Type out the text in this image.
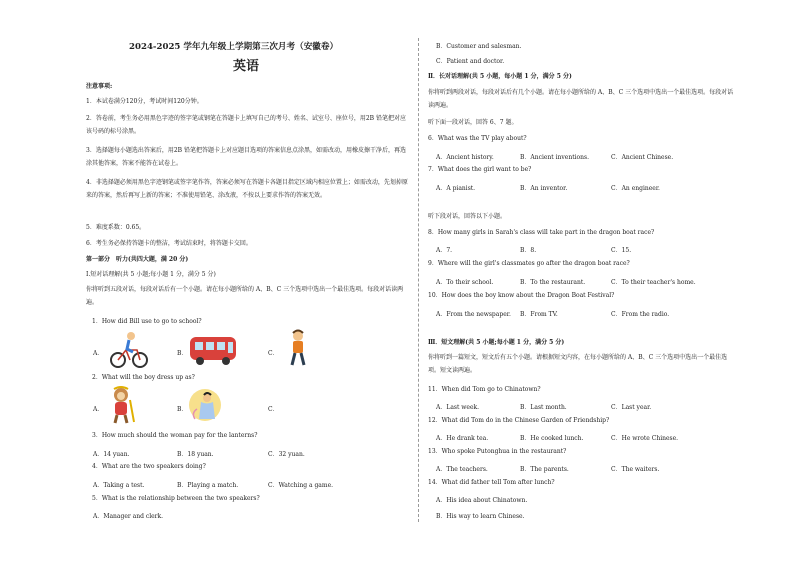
2024-2025 学年九年级上学期第三次月考（安徽卷）
英语
注意事项:
1．本试卷满分120分，考试时间120分钟。
2．答卷前，考生务必用黑色字迹的签字笔或钢笔在答题卡上填写自己的考号、姓名、试室号、座位号，用2B 铅笔把对应该号码的标号涂黑。
3．选择题每小题选出答案后，用2B 铅笔把答题卡上对应题目选项的答案信息点涂黑，如需改动，用橡皮擦干净后，再选涂其他答案，答案不能答在试卷上。
4．非选择题必须用黑色字迹钢笔或签字笔作答，答案必须写在答题卡各题目指定区域内相应位置上；如需改动，先划掉原来的答案，然后再写上新的答案；不准使用铅笔、涂改液，不按以上要求作答的答案无效。
5．难度系数：0.65。
6．考生务必保持答题卡的整洁，考试结束时，将答题卡交回。
第一部分　听力(共四大题，满 20 分)
Ⅰ.短对话理解(共 5 小题;每小题 1 分，满分 5 分)
你将听到五段对话，每段对话后有一个小题。请在每小题所给的 A、B、C 三个选项中选出一个最佳选项。每段对话读两遍。
1．How did Bill use to go to school?
A．	B．	C．
2．What will the boy dress up as?
A．	B．	C．
3．How much should the woman pay for the lanterns?
A．14 yuan.	B．18 yuan.	C．32 yuan.
4．What are the two speakers doing?
A．Taking a test.	B．Playing a match.	C．Watching a game.
5．What is the relationship between the two speakers?
A．Manager and clerk.
B．Customer and salesman.
C．Patient and doctor.
Ⅱ．长对话理解(共 5 小题，每小题 1 分，满分 5 分)
你将听到两段对话，每段对话后有几个小题。请在每小题所给的 A、B、C 三个选项中选出一个最佳选项。每段对话读两遍。
听下面一段对话，回答 6、7 题。
6．What was the TV play about?
A．Ancient history.	B．Ancient inventions.	C．Ancient Chinese.
7．What does the girl want to be?
A．A pianist.	B．An inventor.	C．An engineer.
听下段对话，回答以下小题。
8．How many girls in Sarah's class will take part in the dragon boat race?
A．7.	B．8.	C．15.
9．Where will the girl's classmates go after the dragon boat race?
A．To their school.	B．To the restaurant.	C．To their teacher's home.
10．How does the boy know about the Dragon Boat Festival?
A．From the newspaper. B．From TV.	C．From the radio.
Ⅲ．短文理解(共 5 小题;每小题 1 分，满分 5 分)
你将听到一篇短文，短文后有五个小题。请根据短文内容，在每小题所给的 A、B、C 三个选项中选出一个最佳选项。短文读两遍。
11．When did Tom go to Chinatown?
A．Last week.	B．Last month.	C．Last year.
12．What did Tom do in the Chinese Garden of Friendship?
A．He drank tea.	B．He cooked lunch.	C．He wrote Chinese.
13．Who spoke Putonghua in the restaurant?
A．The teachers.	B．The parents.	C．The waiters.
14．What did father tell Tom after lunch?
A．His idea about Chinatown.
B．His way to learn Chinese.
